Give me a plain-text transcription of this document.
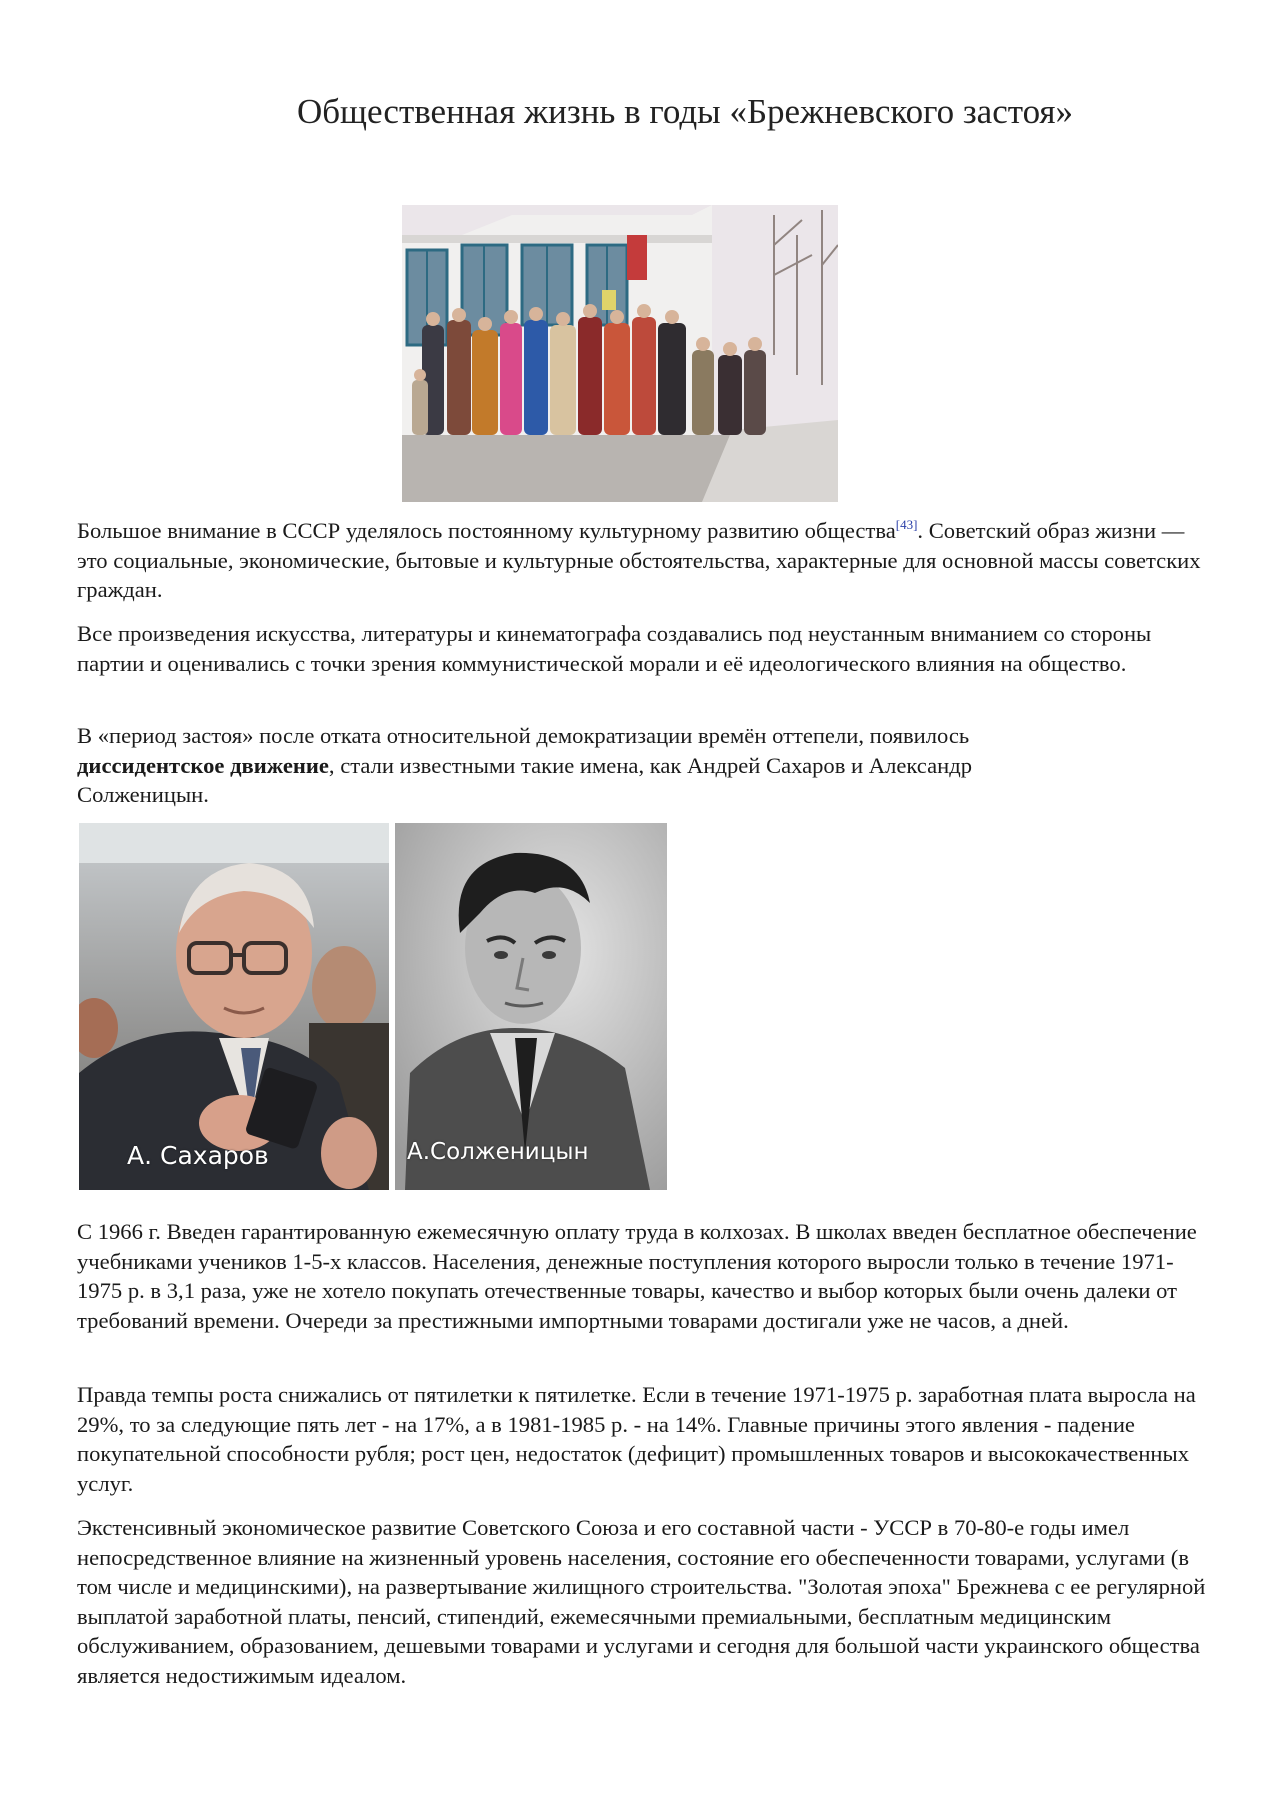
Общественная жизнь в годы «Брежневского застоя»

Большое внимание в СССР уделялось постоянному культурному развитию общества[43]. Советский образ жизни — это социальные, экономические, бытовые и культурные обстоятельства, характерные для основной массы советских граждан.

Все произведения искусства, литературы и кинематографа создавались под неустанным вниманием со стороны партии и оценивались с точки зрения коммунистической морали и её идеологического влияния на общество.

В «период застоя» после отката относительной демократизации времён оттепели, появилось диссидентское движение, стали известными такие имена, как Андрей Сахаров и Александр Солженицын.

А. Сахаров	А.Солженицын

С 1966 г. Введен гарантированную ежемесячную оплату труда в колхозах. В школах введен бесплатное обеспечение учебниками учеников 1-5-х классов. Населения, денежные поступления которого выросли только в течение 1971-1975 р. в 3,1 раза, уже не хотело покупать отечественные товары, качество и выбор которых были очень далеки от требований времени. Очереди за престижными импортными товарами достигали уже не часов, а дней.

Правда темпы роста снижались от пятилетки к пятилетке. Если в течение 1971-1975 р. заработная плата выросла на 29%, то за следующие пять лет - на 17%, а в 1981-1985 р. - на 14%. Главные причины этого явления - падение покупательной способности рубля; рост цен, недостаток (дефицит) промышленных товаров и высококачественных услуг.

Экстенсивный экономическое развитие Советского Союза и его составной части - УССР в 70-80-е годы имел непосредственное влияние на жизненный уровень населения, состояние его обеспеченности товарами, услугами (в том числе и медицинскими), на развертывание жилищного строительства. "Золотая эпоха" Брежнева с ее регулярной выплатой заработной платы, пенсий, стипендий, ежемесячными премиальными, бесплатным медицинским обслуживанием, образованием, дешевыми товарами и услугами и сегодня для большой части украинского общества является недостижимым идеалом.
